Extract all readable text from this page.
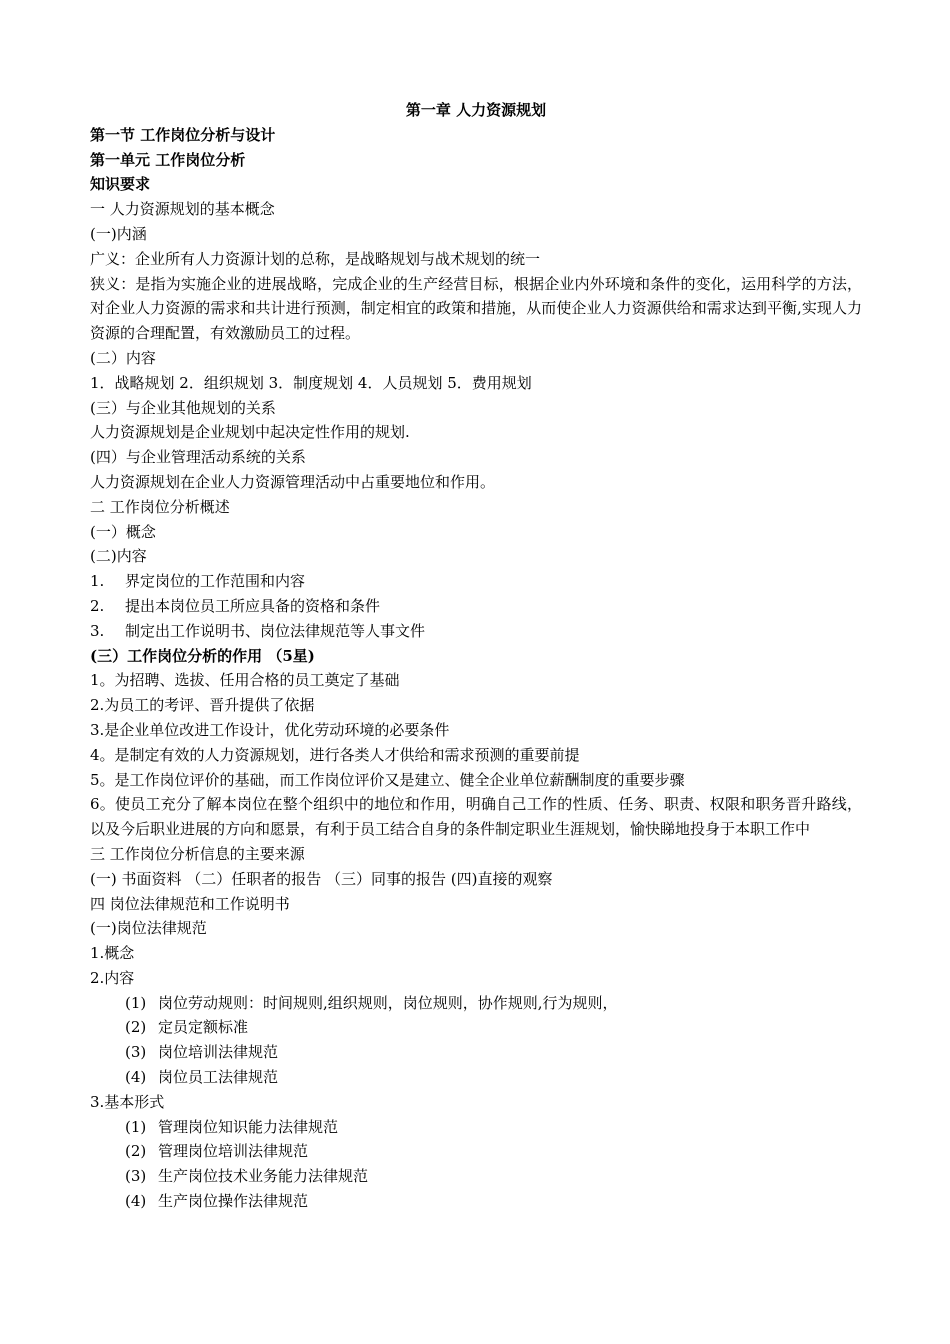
第一章 人力资源规划
第一节 工作岗位分析与设计
第一单元 工作岗位分析
知识要求
一 人力资源规划的基本概念
(一)内涵
广义：企业所有人力资源计划的总称，是战略规划与战术规划的统一
狭义：是指为实施企业的进展战略，完成企业的生产经营目标，根据企业内外环境和条件的变化，运用科学的方法，对企业人力资源的需求和共计进行预测，制定相宜的政策和措施，从而使企业人力资源供给和需求达到平衡,实现人力资源的合理配置，有效激励员工的过程。
(二）内容
1．战略规划 2．组织规划 3．制度规划 4．人员规划 5．费用规划
(三）与企业其他规划的关系
人力资源规划是企业规划中起决定性作用的规划.
(四）与企业管理活动系统的关系
人力资源规划在企业人力资源管理活动中占重要地位和作用。
二 工作岗位分析概述
(一）概念
(二)内容
1. 界定岗位的工作范围和内容
2. 提出本岗位员工所应具备的资格和条件
3. 制定出工作说明书、岗位法律规范等人事文件
(三）工作岗位分析的作用 （5星)
1。为招聘、选拔、任用合格的员工奠定了基础
2.为员工的考评、晋升提供了依据
3.是企业单位改进工作设计，优化劳动环境的必要条件
4。是制定有效的人力资源规划，进行各类人才供给和需求预测的重要前提
5。是工作岗位评价的基础，而工作岗位评价又是建立、健全企业单位薪酬制度的重要步骤
6。使员工充分了解本岗位在整个组织中的地位和作用，明确自己工作的性质、任务、职责、权限和职务晋升路线，以及今后职业进展的方向和愿景，有利于员工结合自身的条件制定职业生涯规划，愉快睇地投身于本职工作中
三 工作岗位分析信息的主要来源
(一) 书面资料 （二）任职者的报告 （三）同事的报告 (四)直接的观察
四 岗位法律规范和工作说明书
(一)岗位法律规范
1.概念
2.内容
(1) 岗位劳动规则：时间规则,组织规则，岗位规则，协作规则,行为规则，
(2) 定员定额标准
(3) 岗位培训法律规范
(4) 岗位员工法律规范
3.基本形式
(1) 管理岗位知识能力法律规范
(2) 管理岗位培训法律规范
(3) 生产岗位技术业务能力法律规范
(4) 生产岗位操作法律规范
